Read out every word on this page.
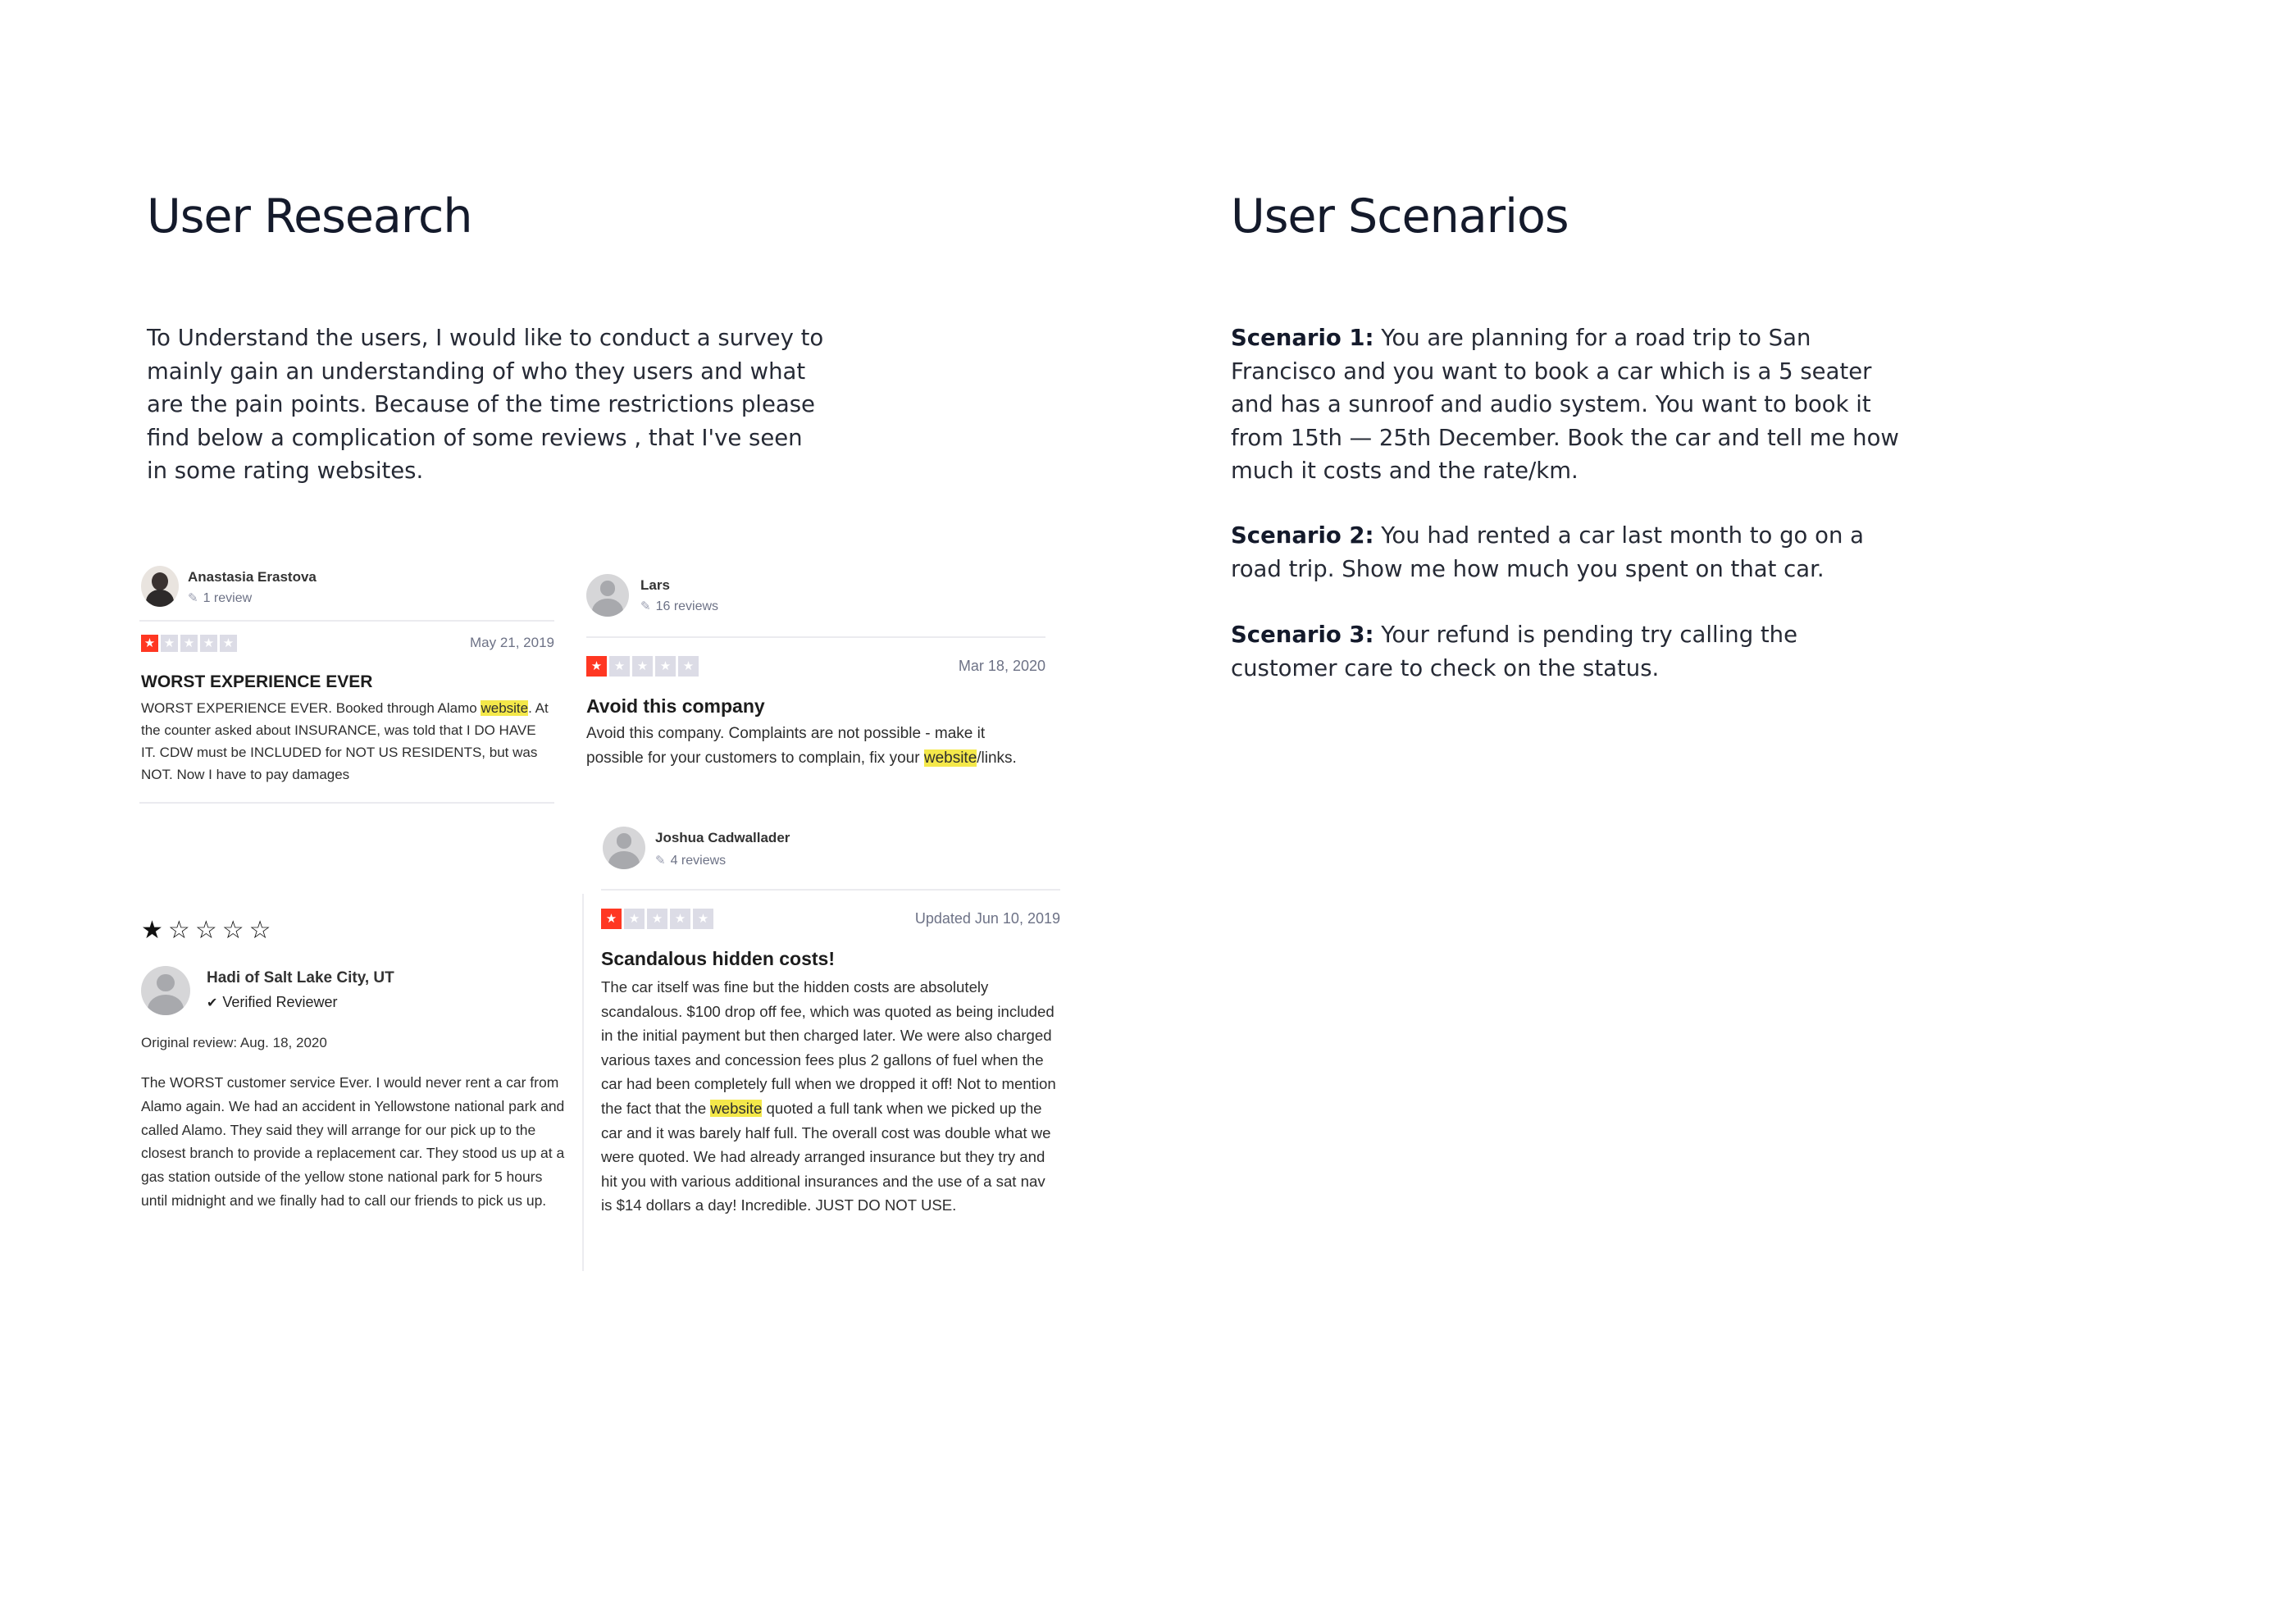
User Research

To Understand the users, I would like to conduct a survey to mainly gain an understanding of who they users and what are the pain points. Because of the time restrictions please find below a complication of some reviews , that I've seen in some rating websites.

Anastasia Erastova
✎ 1 review
★ ★ ★ ★ ★	May 21, 2019
WORST EXPERIENCE EVER

WORST EXPERIENCE EVER. Booked through Alamo website. At the counter asked about INSURANCE, was told that I DO HAVE IT. CDW must be INCLUDED for NOT US RESIDENTS, but was NOT. Now I have to pay damages

Lars
✎ 16 reviews
★ ★ ★ ★ ★	Mar 18, 2020
Avoid this company

Avoid this company. Complaints are not possible - make it possible for your customers to complain, fix your website/links.

★ ☆ ☆ ☆ ☆
Hadi of Salt Lake City, UT
✔ Verified Reviewer
Original review: Aug. 18, 2020

The WORST customer service Ever. I would never rent a car from Alamo again. We had an accident in Yellowstone national park and called Alamo. They said they will arrange for our pick up to the closest branch to provide a replacement car. They stood us up at a gas station outside of the yellow stone national park for 5 hours until midnight and we finally had to call our friends to pick us up.

Joshua Cadwallader
✎ 4 reviews
★ ★ ★ ★ ★	Updated Jun 10, 2019
Scandalous hidden costs!

The car itself was fine but the hidden costs are absolutely scandalous. $100 drop off fee, which was quoted as being included in the initial payment but then charged later. We were also charged various taxes and concession fees plus 2 gallons of fuel when the car had been completely full when we dropped it off! Not to mention the fact that the website quoted a full tank when we picked up the car and it was barely half full. The overall cost was double what we were quoted. We had already arranged insurance but they try and hit you with various additional insurances and the use of a sat nav is $14 dollars a day! Incredible. JUST DO NOT USE.

User Scenarios

Scenario 1: You are planning for a road trip to San Francisco and you want to book a car which is a 5 seater and has a sunroof and audio system. You want to book it from 15th — 25th December. Book the car and tell me how much it costs and the rate/km.

Scenario 2: You had rented a car last month to go on a road trip. Show me how much you spent on that car.

Scenario 3: Your refund is pending try calling the customer care to check on the status.
